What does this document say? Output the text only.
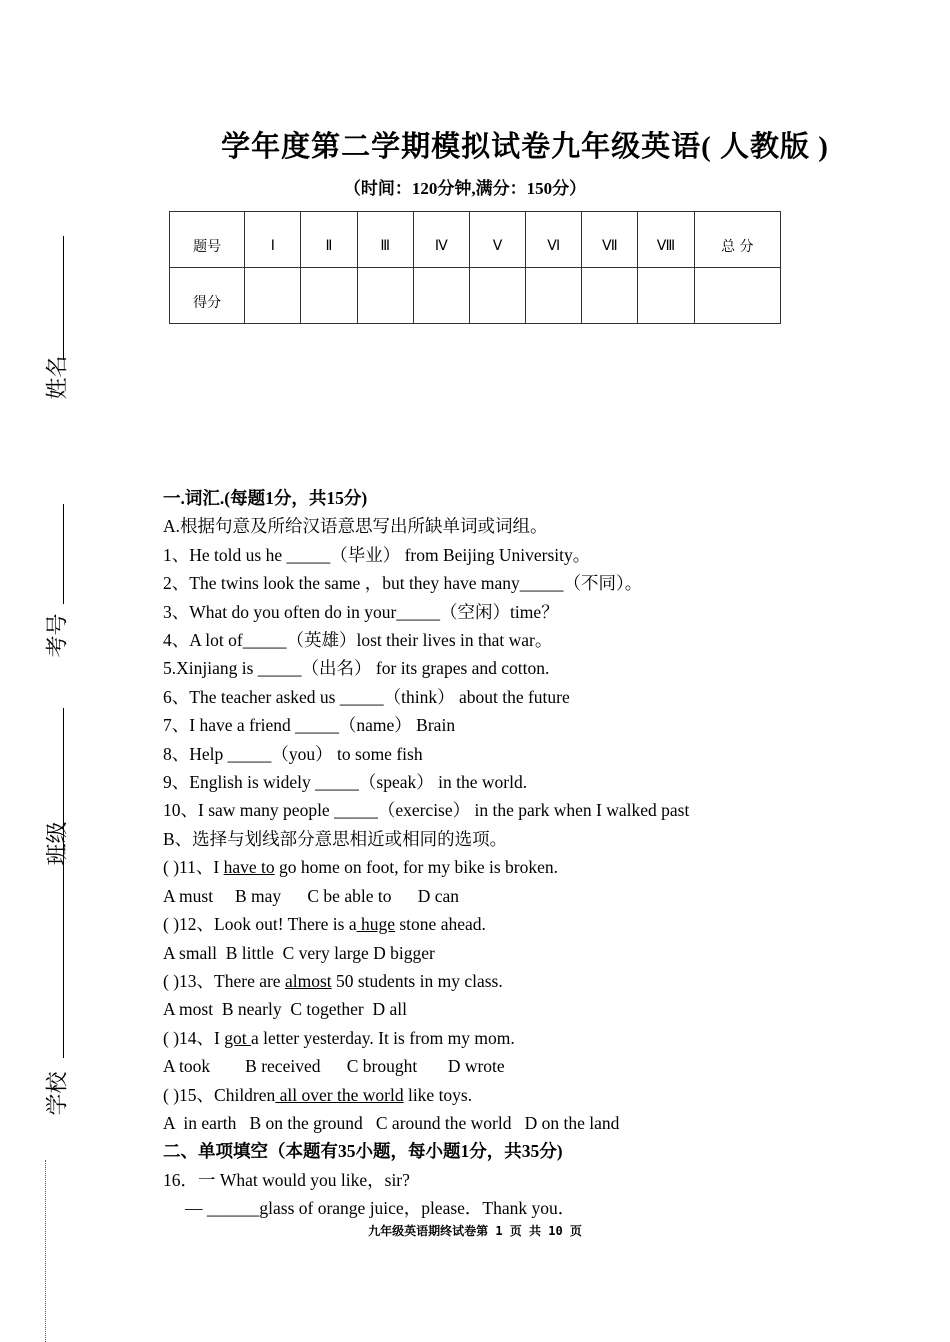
学年度第二学期模拟试卷九年级英语( 人教版 )
（时间：120分钟,满分：150分）
题号	Ⅰ	Ⅱ	Ⅲ	Ⅳ	Ⅴ	Ⅵ	Ⅶ	Ⅷ	总 分
得分									
姓名
考号
班级
学校
一.词汇.(每题1分，共15分)
A.根据句意及所给汉语意思写出所缺单词或词组。
1、He told us he _____（毕业） from Beijing University。
2、The twins look the same ，but they have many_____（不同）。
3、What do you often do in your_____（空闲）time？
4、A lot of_____（英雄）lost their lives in that war。
5.Xinjiang is _____（出名） for its grapes and cotton.
6、The teacher asked us _____（think） about the future
7、I have a friend _____（name） Brain
8、Help _____（you） to some fish
9、English is widely _____（speak） in the world.
10、I saw many people _____（exercise） in the park when I walked past
B、选择与划线部分意思相近或相同的选项。
( )11、I have to go home on foot, for my bike is broken.
A must     B may      C be able to      D can
( )12、Look out! There is a huge stone ahead.
A small  B little  C very large D bigger
( )13、There are almost 50 students in my class.
A most  B nearly  C together  D all
( )14、I got a letter yesterday. It is from my mom.
A took        B received      C brought       D wrote
( )15、Children all over the world like toys.
A  in earth   B on the ground   C around the world   D on the land
二、单项填空（本题有35小题，每小题1分，共35分)
16．一 What would you like，sir?
— ______glass of orange juice，please．Thank you．
九年级英语期终试卷第 1 页 共 10 页
